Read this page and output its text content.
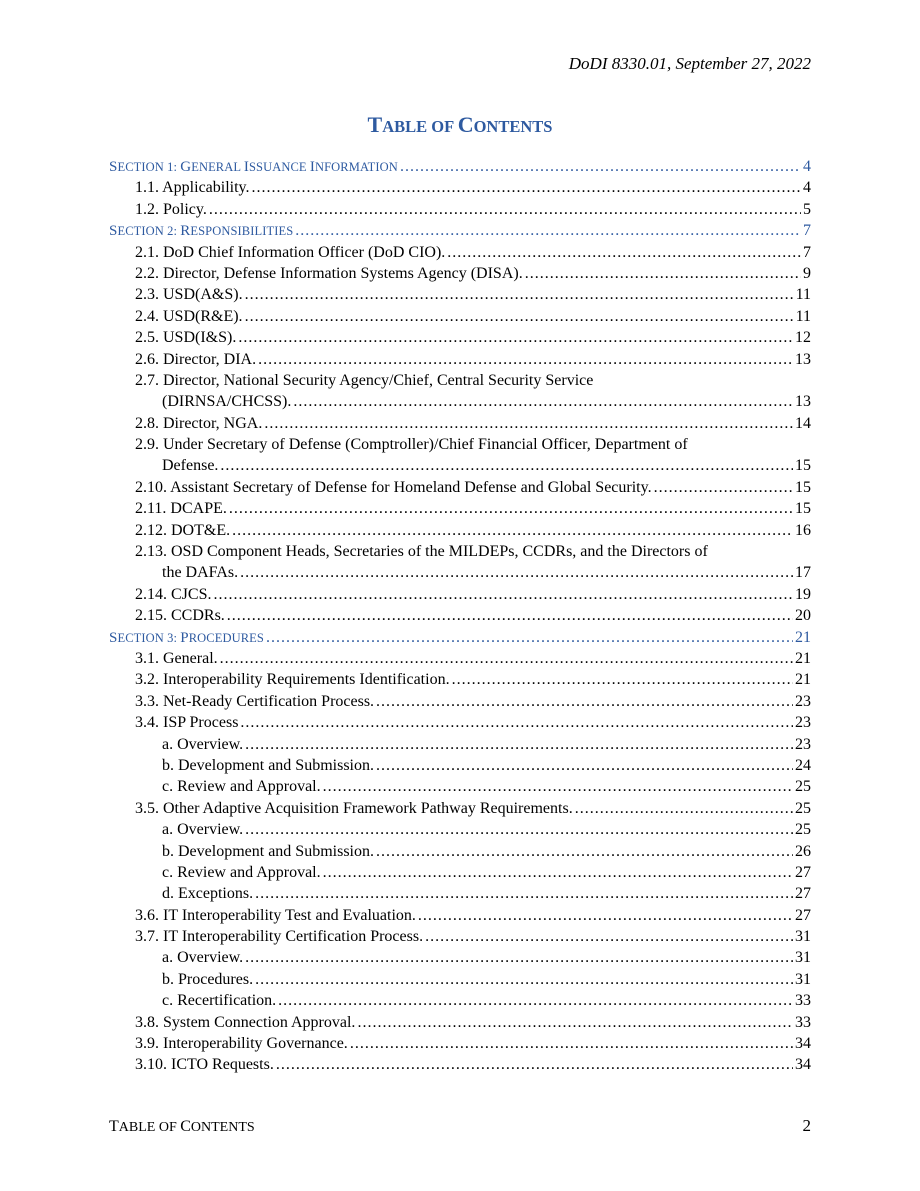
DoDI 8330.01, September 27, 2022
TABLE OF CONTENTS
SECTION 1: GENERAL ISSUANCE INFORMATION .....	4
1.1. Applicability. .....	4
1.2. Policy. .....	5
SECTION 2: RESPONSIBILITIES .....	7
2.1. DoD Chief Information Officer (DoD CIO). .....	7
2.2. Director, Defense Information Systems Agency (DISA). .....	9
2.3. USD(A&S). .....	11
2.4. USD(R&E). .....	11
2.5. USD(I&S). .....	12
2.6. Director, DIA. .....	13
2.7. Director, National Security Agency/Chief, Central Security Service
(DIRNSA/CHCSS). .....	13
2.8. Director, NGA. .....	14
2.9. Under Secretary of Defense (Comptroller)/Chief Financial Officer, Department of
Defense. .....	15
2.10. Assistant Secretary of Defense for Homeland Defense and Global Security. .....	15
2.11. DCAPE. .....	15
2.12. DOT&E. .....	16
2.13. OSD Component Heads, Secretaries of the MILDEPs, CCDRs, and the Directors of
the DAFAs. .....	17
2.14. CJCS. .....	19
2.15. CCDRs. .....	20
SECTION 3: PROCEDURES .....	21
3.1. General. .....	21
3.2. Interoperability Requirements Identification. .....	21
3.3. Net-Ready Certification Process. .....	23
3.4. ISP Process .....	23
a. Overview. .....	23
b. Development and Submission. .....	24
c. Review and Approval. .....	25
3.5. Other Adaptive Acquisition Framework Pathway Requirements. .....	25
a. Overview. .....	25
b. Development and Submission. .....	26
c. Review and Approval. .....	27
d. Exceptions. .....	27
3.6. IT Interoperability Test and Evaluation. .....	27
3.7. IT Interoperability Certification Process. .....	31
a. Overview. .....	31
b. Procedures. .....	31
c. Recertification. .....	33
3.8. System Connection Approval. .....	33
3.9. Interoperability Governance. .....	34
3.10. ICTO Requests. .....	34
TABLE OF CONTENTS	2
